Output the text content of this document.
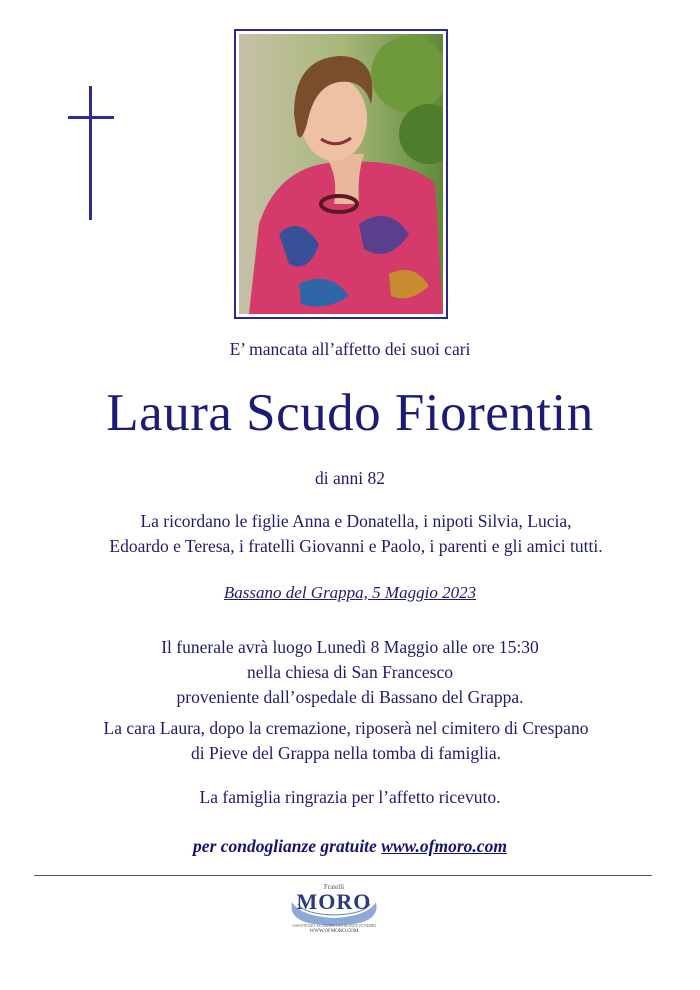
E’ mancata all’affetto dei suoi cari
Laura Scudo Fiorentin
di anni 82
La ricordano le figlie Anna e Donatella, i nipoti Silvia, Lucia,
Edoardo e Teresa, i fratelli Giovanni e Paolo, i parenti e gli amici tutti.
Bassano del Grappa, 5 Maggio 2023
Il funerale avrà luogo Lunedì 8 Maggio alle ore 15:30
nella chiesa di San Francesco
proveniente dall’ospedale di Bassano del Grappa.
La cara Laura, dopo la cremazione, riposerà nel cimitero di Crespano
di Pieve del Grappa nella tomba di famiglia.
La famiglia ringrazia per l’affetto ricevuto.
per condoglianze gratuite www.ofmoro.com
Fratelli
MORO
ASSISTENZA FUNEBRE ONORANZE FUNEBRI
WWW.OFMORO.COM
